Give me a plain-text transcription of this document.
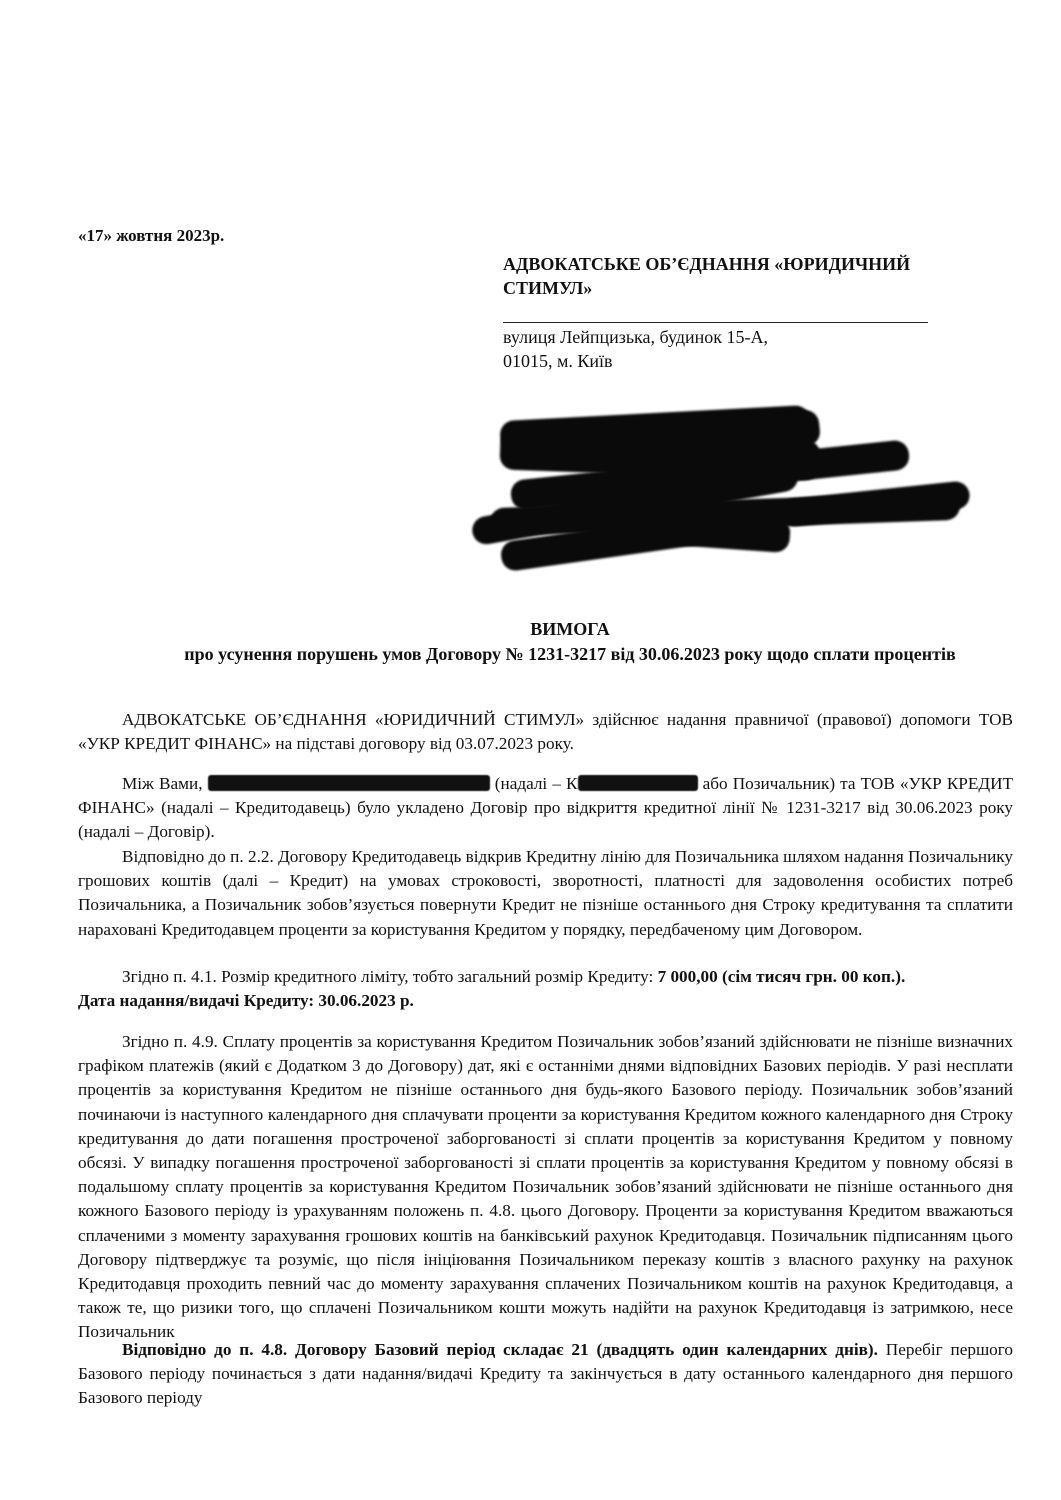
«17» жовтня 2023р.
АДВОКАТСЬКЕ ОБ’ЄДНАННЯ «ЮРИДИЧНИЙ СТИМУЛ»
вулиця Лейпцизька, будинок 15-А,
01015, м. Київ
ВИМОГА
про усунення порушень умов Договору № 1231-3217 від 30.06.2023 року щодо сплати процентів

АДВОКАТСЬКЕ ОБ’ЄДНАННЯ «ЮРИДИЧНИЙ СТИМУЛ» здійснює надання правничої (правової) допомоги ТОВ «УКР КРЕДИТ ФІНАНС» на підставі договору від 03.07.2023 року.

Між Вами,	(надалі – К	або Позичальник) та ТОВ «УКР КРЕДИТ ФІНАНС» (надалі – Кредитодавець) було укладено Договір про відкриття кредитної лінії № 1231-3217 від 30.06.2023 року (надалі – Договір).

Відповідно до п. 2.2. Договору Кредитодавець відкрив Кредитну лінію для Позичальника шляхом надання Позичальнику грошових коштів (далі – Кредит) на умовах строковості, зворотності, платності для задоволення особистих потреб Позичальника, а Позичальник зобов’язується повернути Кредит не пізніше останнього дня Строку кредитування та сплатити нараховані Кредитодавцем проценти за користування Кредитом у порядку, передбаченому цим Договором.

Згідно п. 4.1. Розмір кредитного ліміту, тобто загальний розмір Кредиту: 7 000,00 (сім тисяч грн. 00 коп.).

Дата надання/видачі Кредиту: 30.06.2023 р.

Згідно п. 4.9. Сплату процентів за користування Кредитом Позичальник зобов’язаний здійснювати не пізніше визначних графіком платежів (який є Додатком 3 до Договору) дат, які є останніми днями відповідних Базових періодів. У разі несплати процентів за користування Кредитом не пізніше останнього дня будь-якого Базового періоду. Позичальник зобов’язаний починаючи із наступного календарного дня сплачувати проценти за користування Кредитом кожного календарного дня Строку кредитування до дати погашення простроченої заборгованості зі сплати процентів за користування Кредитом у повному обсязі. У випадку погашення простроченої заборгованості зі сплати процентів за користування Кредитом у повному обсязі в подальшому сплату процентів за користування Кредитом Позичальник зобов’язаний здійснювати не пізніше останнього дня кожного Базового періоду із урахуванням положень п. 4.8. цього Договору. Проценти за користування Кредитом вважаються сплаченими з моменту зарахування грошових коштів на банківський рахунок Кредитодавця. Позичальник підписанням цього Договору підтверджує та розуміє, що після ініціювання Позичальником переказу коштів з власного рахунку на рахунок Кредитодавця проходить певний час до моменту зарахування сплачених Позичальником коштів на рахунок Кредитодавця, а також те, що ризики того, що сплачені Позичальником кошти можуть надійти на рахунок Кредитодавця із затримкою, несе Позичальник

Відповідно до п. 4.8. Договору Базовий період складає 21 (двадцять один календарних днів). Перебіг першого Базового періоду починається з дати надання/видачі Кредиту та закінчується в дату останнього календарного дня першого Базового періоду
